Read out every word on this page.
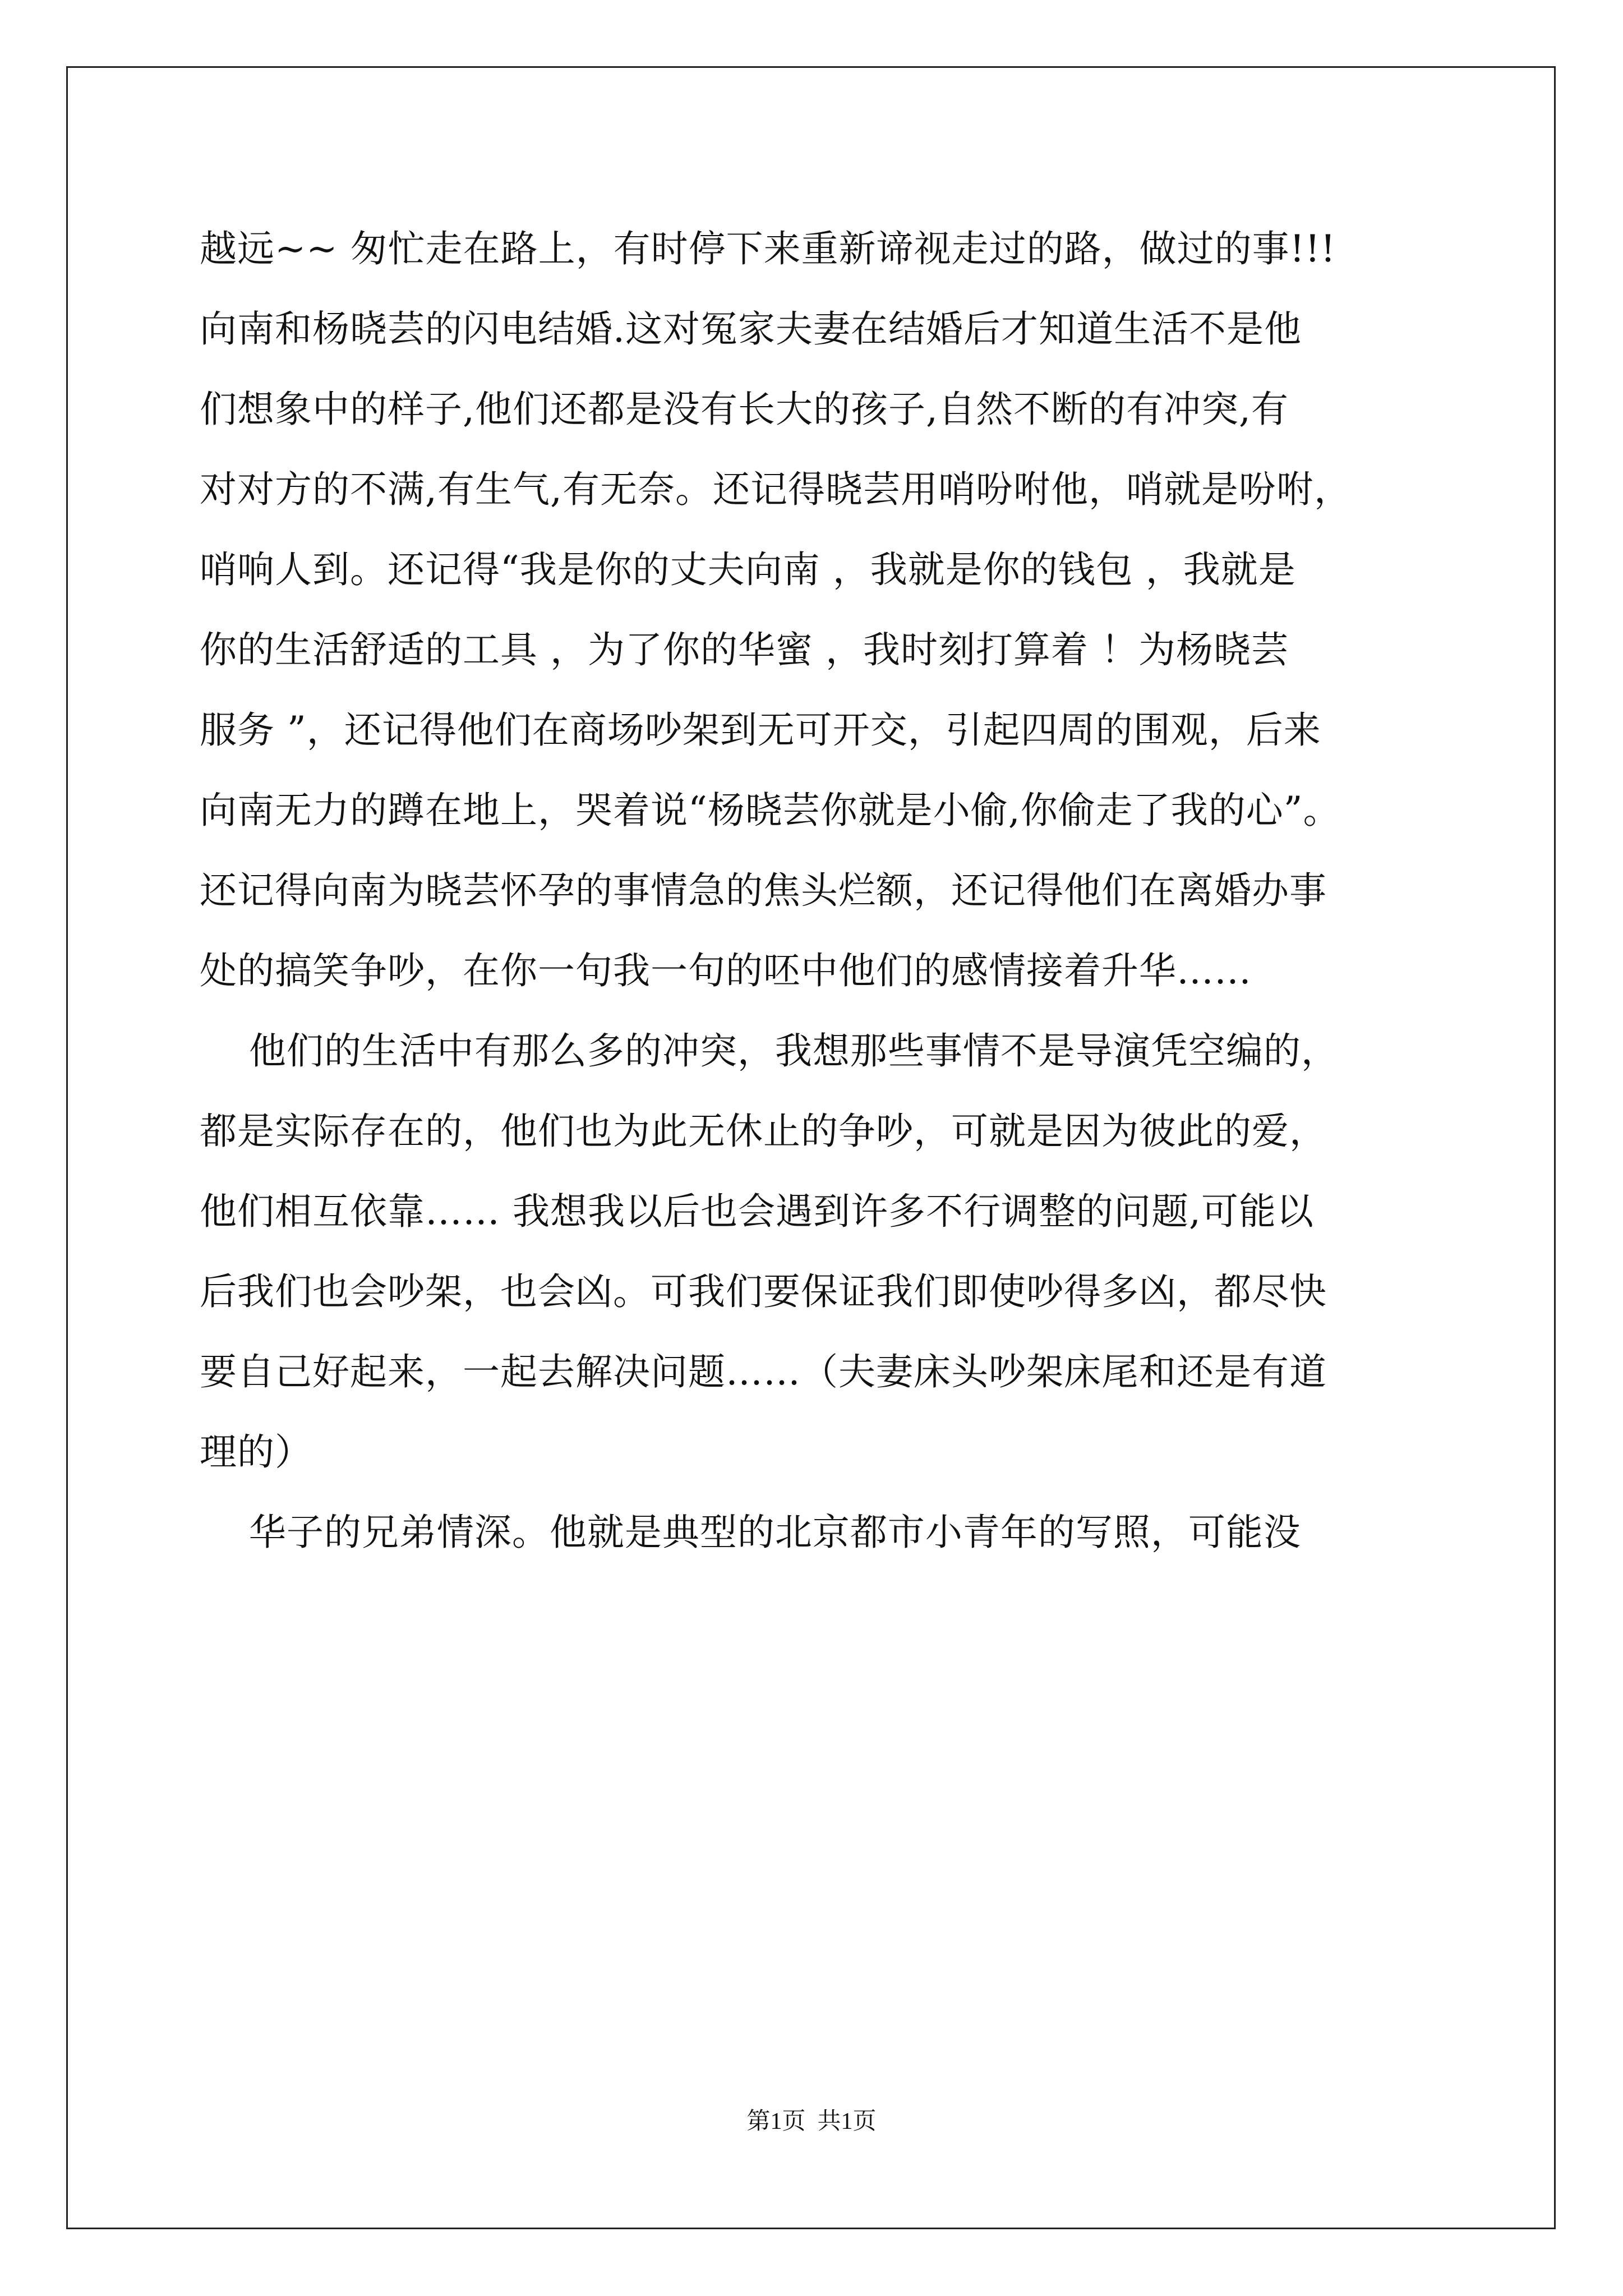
越远~~ 匆忙走在路上，有时停下来重新谛视走过的路，做过的事!!!
向南和杨晓芸的闪电结婚.这对冤家夫妻在结婚后才知道生活不是他
们想象中的样子,他们还都是没有长大的孩子,自然不断的有冲突,有
对对方的不满,有生气,有无奈。还记得晓芸用哨吩咐他，哨就是吩咐，
哨响人到。还记得“我是你的丈夫向南 ，我就是你的钱包 ，我就是
你的生活舒适的工具 ，为了你的华蜜 ，我时刻打算着 ！为杨晓芸
服务 ”，还记得他们在商场吵架到无可开交，引起四周的围观，后来
向南无力的蹲在地上，哭着说“杨晓芸你就是小偷,你偷走了我的心”。
还记得向南为晓芸怀孕的事情急的焦头烂额，还记得他们在离婚办事
处的搞笑争吵，在你一句我一句的呸中他们的感情接着升华……
他们的生活中有那么多的冲突，我想那些事情不是导演凭空编的，
都是实际存在的，他们也为此无休止的争吵，可就是因为彼此的爱，
他们相互依靠…… 我想我以后也会遇到许多不行调整的问题,可能以
后我们也会吵架，也会凶。可我们要保证我们即使吵得多凶，都尽快
要自己好起来，一起去解决问题……（夫妻床头吵架床尾和还是有道
理的）
华子的兄弟情深。他就是典型的北京都市小青年的写照，可能没
第1页  共1页
